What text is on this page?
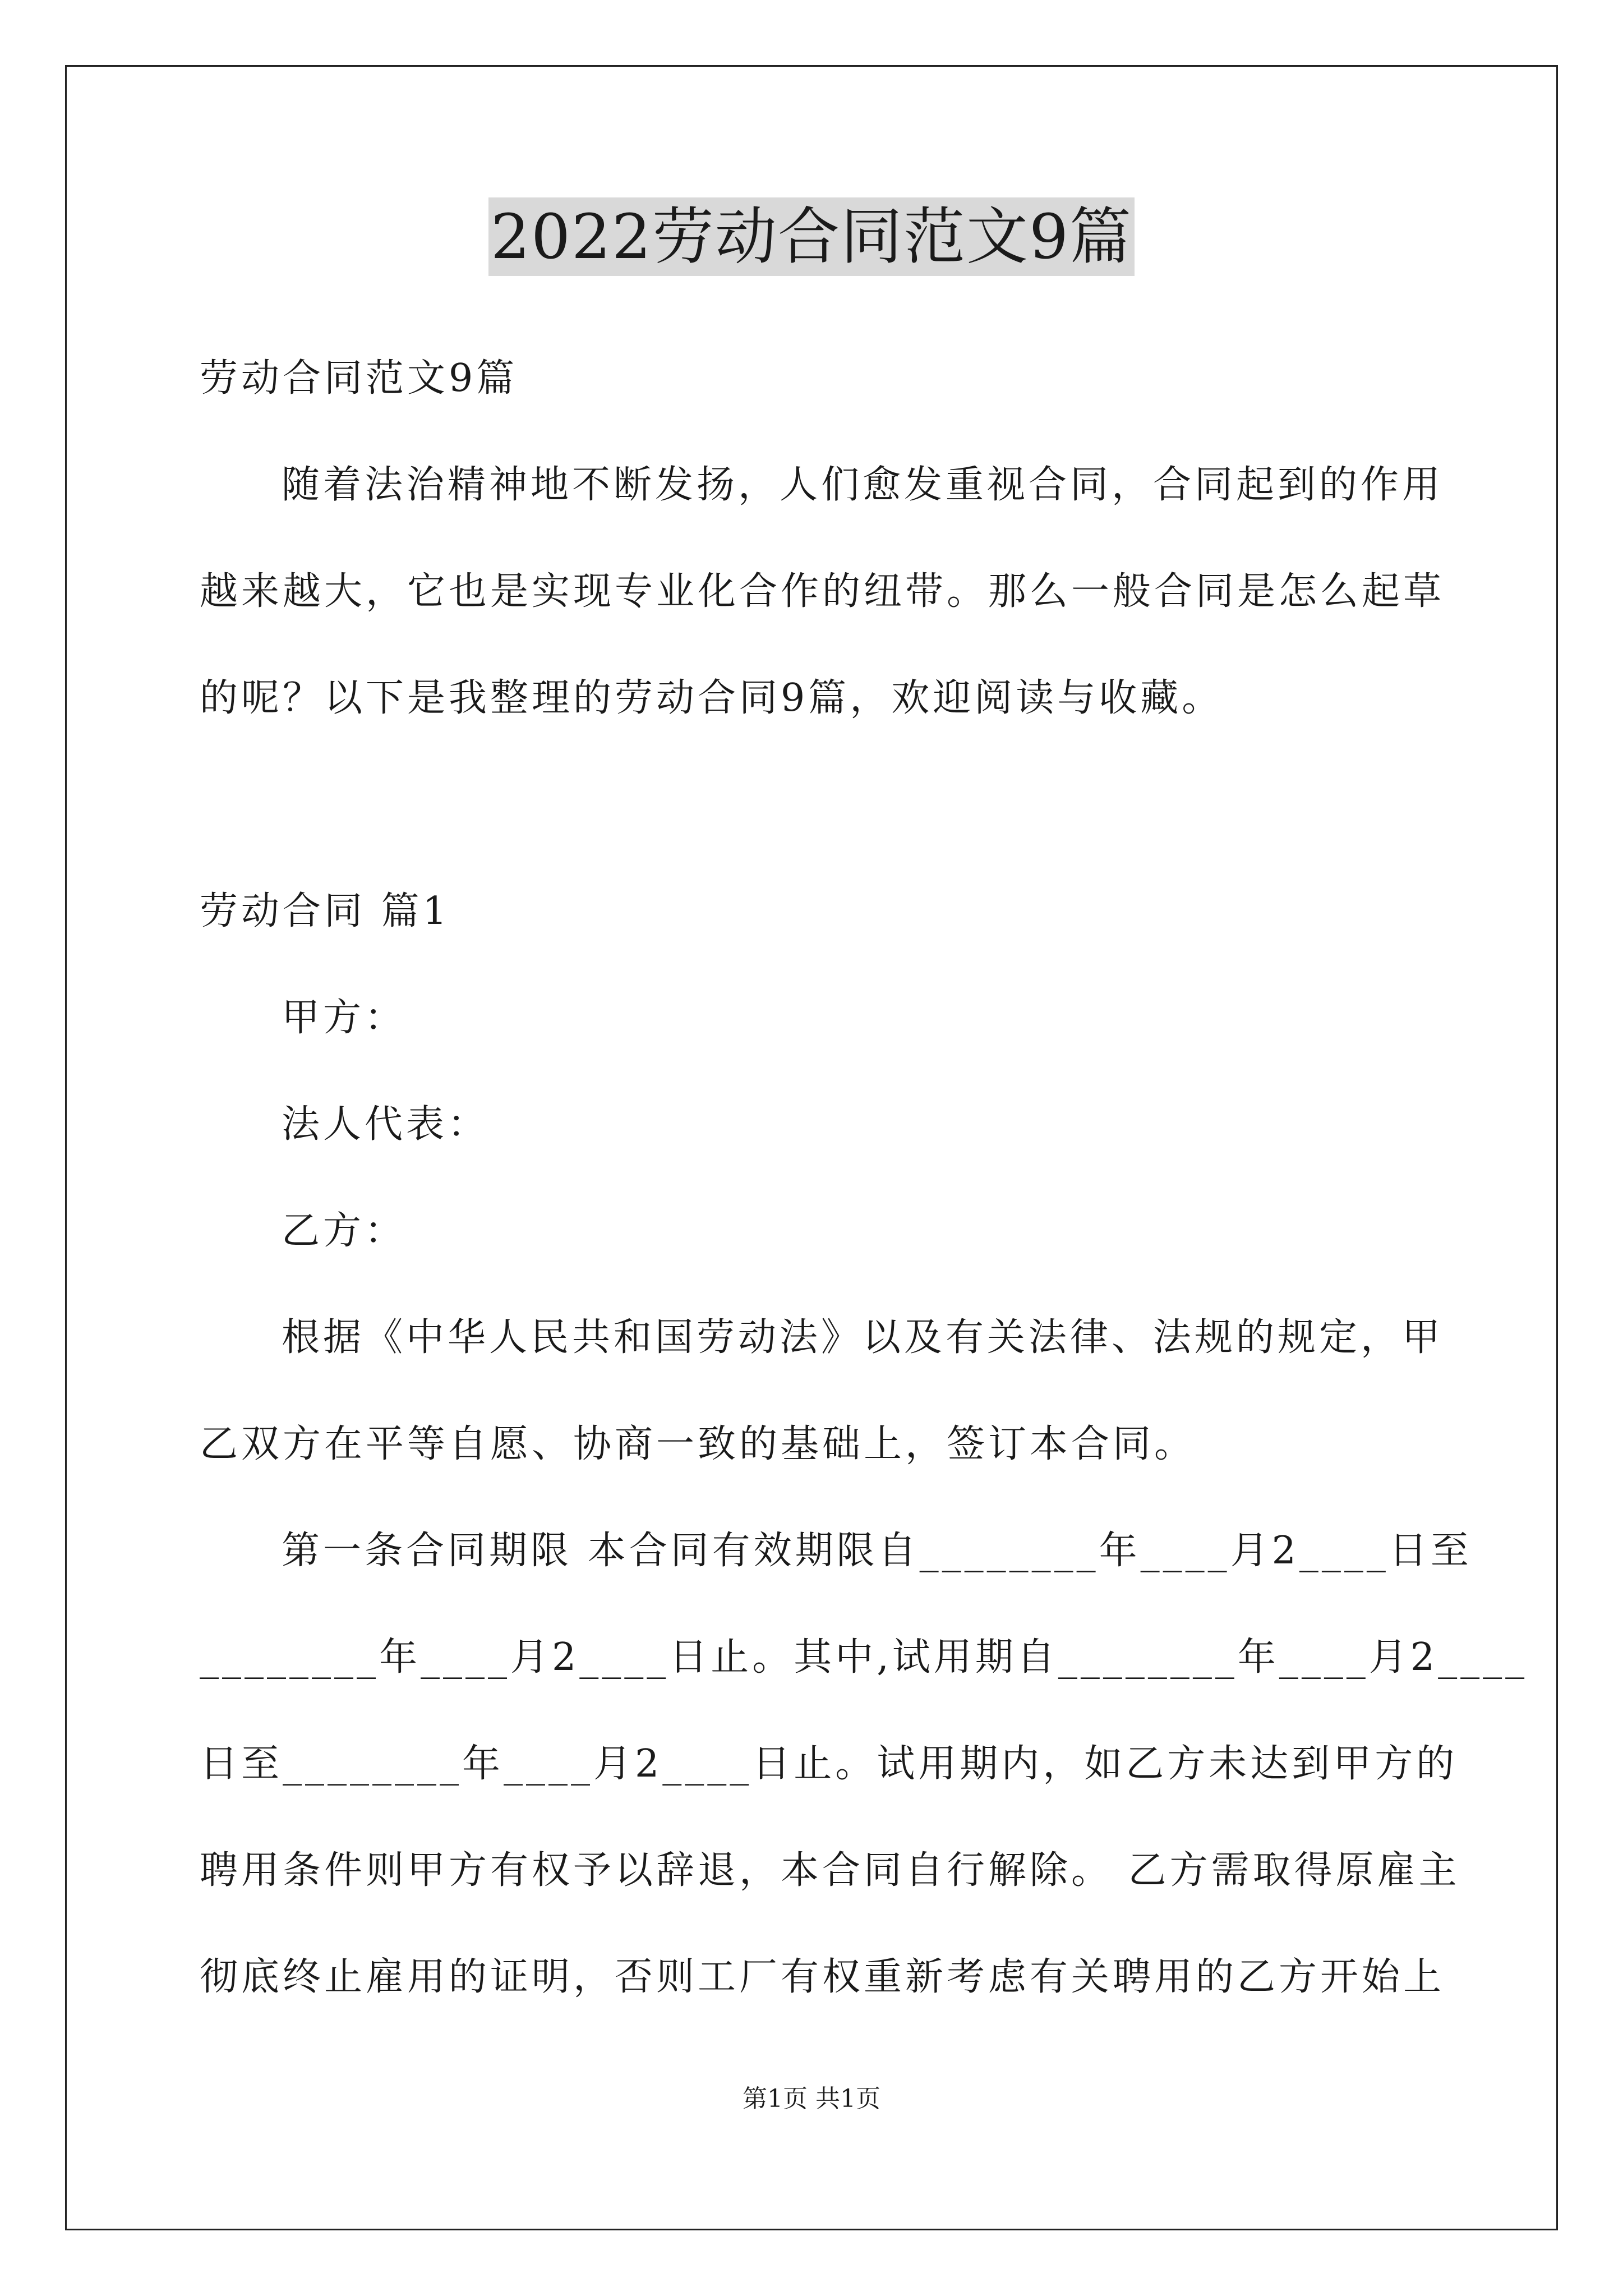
2022劳动合同范文9篇
劳动合同范文9篇
随着法治精神地不断发扬，人们愈发重视合同，合同起到的作用
越来越大，它也是实现专业化合作的纽带。那么一般合同是怎么起草
的呢？以下是我整理的劳动合同9篇，欢迎阅读与收藏。
劳动合同 篇1
甲方：
法人代表：
乙方：
根据《中华人民共和国劳动法》以及有关法律、法规的规定，甲
乙双方在平等自愿、协商一致的基础上，签订本合同。
第一条合同期限 本合同有效期限自________年____月2____日至
________年____月2____日止。其中,试用期自________年____月2____
日至________年____月2____日止。试用期内，如乙方未达到甲方的
聘用条件则甲方有权予以辞退，本合同自行解除。 乙方需取得原雇主
彻底终止雇用的证明，否则工厂有权重新考虑有关聘用的乙方开始上
第1页 共1页
